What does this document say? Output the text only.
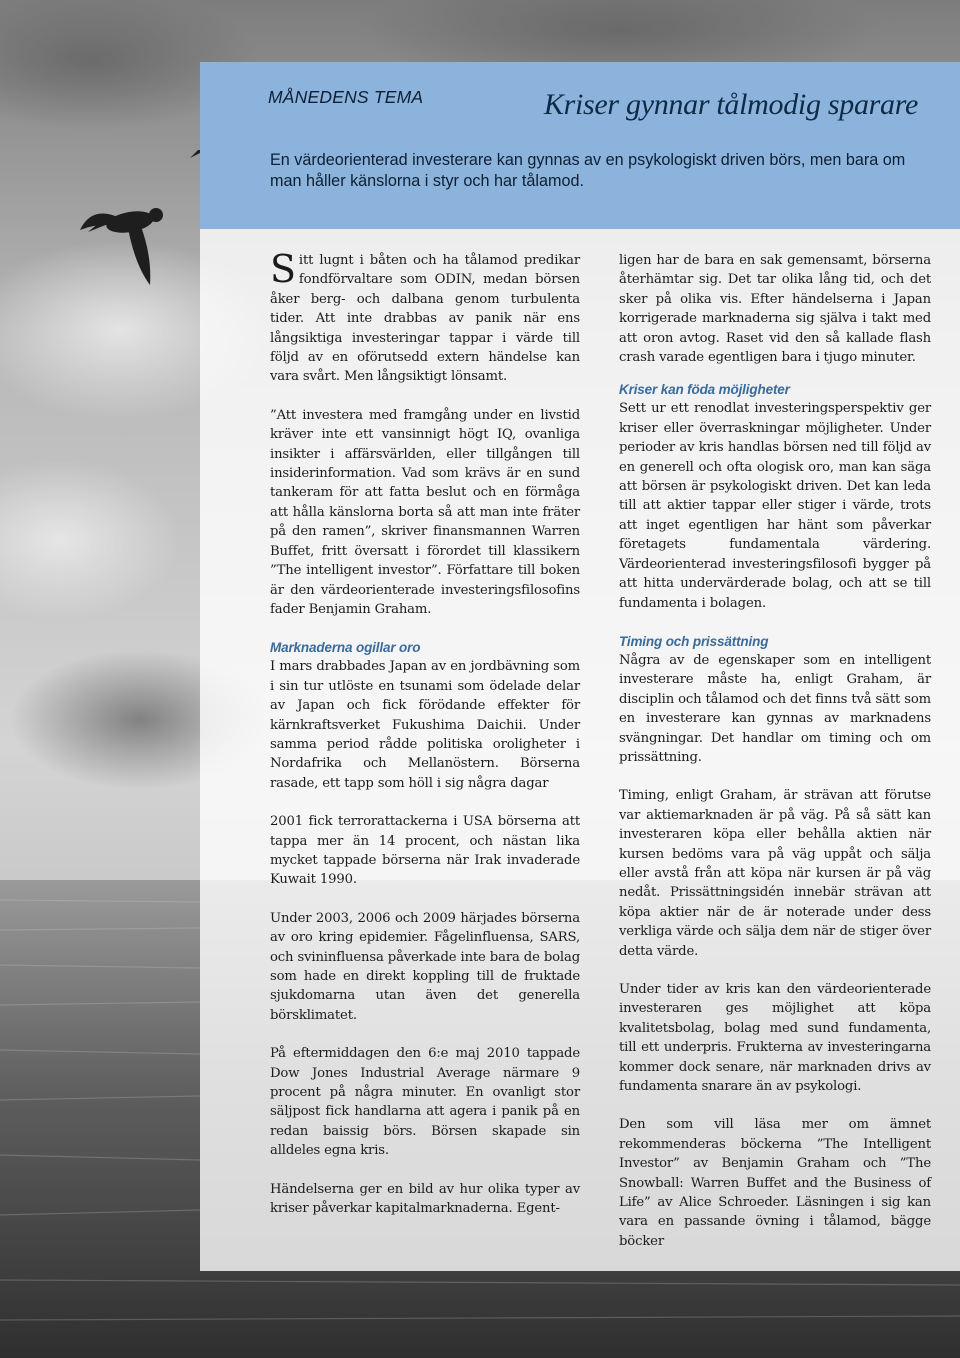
MÅNEDENS TEMA	Kriser gynnar tålmodig sparare
En värdeorienterad investerare kan gynnas av en psykologiskt driven börs, men bara om man håller känslorna i styr och har tålamod.

Sitt lugnt i båten och ha tålamod predikar fondförvaltare som ODIN, medan börsen åker berg- och dalbana genom turbulenta tider. Att inte drabbas av panik när ens långsiktiga investeringar tappar i värde till följd av en oförutsedd extern händelse kan vara svårt. Men långsiktigt lönsamt.

”Att investera med framgång under en livstid kräver inte ett vansinnigt högt IQ, ovanliga insikter i affärsvärlden, eller tillgången till insiderinformation. Vad som krävs är en sund tankeram för att fatta beslut och en förmåga att hålla känslorna borta så att man inte fräter på den ramen”, skriver finansmannen Warren Buffet, fritt översatt i förordet till klassikern ”The intelligent investor”. Författare till boken är den värdeorienterade investeringsfilosofins fader Benjamin Graham.

Marknaderna ogillar oro

I mars drabbades Japan av en jordbävning som i sin tur utlöste en tsunami som ödelade delar av Japan och fick förödande effekter för kärnkraftsverket Fukushima Daichii. Under samma period rådde politiska oroligheter i Nordafrika och Mellanöstern. Börserna rasade, ett tapp som höll i sig några dagar

2001 fick terrorattackerna i USA börserna att tappa mer än 14 procent, och nästan lika mycket tappade börserna när Irak invaderade Kuwait 1990.

Under 2003, 2006 och 2009 härjades börserna av oro kring epidemier. Fågelinfluensa, SARS, och svininfluensa påverkade inte bara de bolag som hade en direkt koppling till de fruktade sjukdomarna utan även det generella börsklimatet.

På eftermiddagen den 6:e maj 2010 tappade Dow Jones Industrial Average närmare 9 procent på några minuter. En ovanligt stor säljpost fick handlarna att agera i panik på en redan baissig börs. Börsen skapade sin alldeles egna kris.

Händelserna ger en bild av hur olika typer av kriser påverkar kapitalmarknaderna. Egent-

ligen har de bara en sak gemensamt, börserna återhämtar sig. Det tar olika lång tid, och det sker på olika vis. Efter händelserna i Japan korrigerade marknaderna sig själva i takt med att oron avtog. Raset vid den så kallade flash crash varade egentligen bara i tjugo minuter.

Kriser kan föda möjligheter

Sett ur ett renodlat investeringsperspektiv ger kriser eller överraskningar möjligheter. Under perioder av kris handlas börsen ned till följd av en generell och ofta ologisk oro, man kan säga att börsen är psykologiskt driven. Det kan leda till att aktier tappar eller stiger i värde, trots att inget egentligen har hänt som påverkar företagets fundamentala värdering. Värdeorienterad investeringsfilosofi bygger på att hitta undervärderade bolag, och att se till fundamenta i bolagen.

Timing och prissättning

Några av de egenskaper som en intelligent investerare måste ha, enligt Graham, är disciplin och tålamod och det finns två sätt som en investerare kan gynnas av marknadens svängningar. Det handlar om timing och om prissättning.

Timing, enligt Graham, är strävan att förutse var aktiemarknaden är på väg. På så sätt kan investeraren köpa eller behålla aktien när kursen bedöms vara på väg uppåt och sälja eller avstå från att köpa när kursen är på väg nedåt. Prissättningsidén innebär strävan att köpa aktier när de är noterade under dess verkliga värde och sälja dem när de stiger över detta värde.

Under tider av kris kan den värdeorienterade investeraren ges möjlighet att köpa kvalitetsbolag, bolag med sund fundamenta, till ett underpris. Frukterna av investeringarna kommer dock senare, när marknaden drivs av fundamenta snarare än av psykologi.

Den som vill läsa mer om ämnet rekommenderas böckerna ”The Intelligent Investor” av Benjamin Graham och ”The Snowball: Warren Buffet and the Business of Life” av Alice Schroeder. Läsningen i sig kan vara en passande övning i tålamod, bägge böcker
